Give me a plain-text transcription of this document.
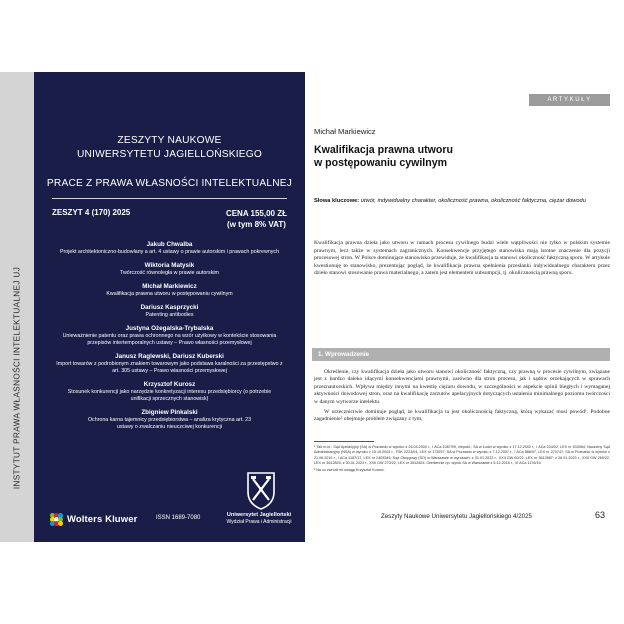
INSTYTUT PRAWA WŁASNOŚCI INTELEKTUALNEJ UJ
ZESZYTY NAUKOWE
UNIWERSYTETU JAGIELLOŃSKIEGO
PRACE Z PRAWA WŁASNOŚCI INTELEKTUALNEJ
ZESZYT 4 (170) 2025	CENA 155,00 ZŁ
(w tym 8% VAT)
Jakub Chwalba
Projekt architektoniczno-budowlany a art. 4 ustawy o prawie autorskim i prawach pokrewnych
Wiktoria Matysik
Twórczość równoległa w prawie autorskim
Michał Markiewicz
Kwalifikacja prawna utworu w postępowaniu cywilnym
Dariusz Kasprzycki
Patenting antibodies
Justyna Ożegalska-Trybalska
Unieważnienie patentu oraz prawa ochronnego na wzór użytkowy w kontekście stosowania przepisów intertemporalnych ustawy – Prawo własności przemysłowej
Janusz Raglewski, Dariusz Kuberski
Import towarów z podrobionym znakiem towarowym jako podstawa karalności za przestępstwo z art. 305 ustawy – Prawo własności przemysłowej
Krzysztof Kurosz
Stosunek konkurencji jako narzędzie konkretyzacji interesu przedsiębiorcy (o potrzebie unifikacji sprzecznych stanowisk)
Zbigniew Pinkalski
Ochrona karna tajemnicy przedsiębiorstwa – analiza krytyczna art. 23 ustawy o zwalczaniu nieuczciwej konkurencji
Wolters Kluwer	ISSN 1689-7080	Uniwersytet Jagielloński
Wydział Prawa i Administracji
ARTYKUŁY
Michał Markiewicz
Kwalifikacja prawna utworu
w postępowaniu cywilnym
Słowa kluczowe: utwór, indywidualny charakter, okoliczność prawna, okoliczność faktyczna, ciężar dowodu
Kwalifikacja prawna dzieła jako utworu w ramach procesu cywilnego budzi wiele wątpliwości nie tylko w polskim systemie prawnym, lecz także w systemach zagranicznych. Konsekwencje przyjętego stanowiska mają istotne znaczenie dla pozycji procesowej stron. W Polsce dominujące stanowisko przewiduje, że kwalifikacja ta stanowi okoliczność faktyczną sporu. W artykule kwestionuję to stanowisko, prezentując pogląd, że kwalifikacja prawna spełnienia przesłanki indywidualnego charakteru przez dzieło stanowi stosowanie prawa materialnego, a zatem jest elementem subsumpcji, tj. okolicznością prawną sporu.
1. Wprowadzenie

Określenie, czy kwalifikacja dzieła jako utworu stanowi okoliczność faktyczną, czy prawną w procesie cywilnym, związane jest z bardzo daleko idącymi konsekwencjami prawnymi, zarówno dla stron procesu, jak i sądów orzekających w sprawach przeznautorskich. Wpływa między innymi na kwestię ciężaru dowodu, w szczególności w aspekcie opinii biegłych i wymaganej aktywności dowodowej stron, oraz na kwalifikację zarzutów apelacyjnych dotyczących ustalenia minimalnego poziomu twórczości w danym wytworze intelektu.

W orzecznictwie dominuje pogląd, że kwalifikacja ta jest okolicznością faktyczną, którą wykazać musi powód¹. Podobne zagadnienie² obejmuje problem związany z tym,

¹ Tak m.in.: Sąd Apelacyjny (SA) w Poznaniu w wyroku z 26.04.2000 r., I ACa 1087/99, niepubl.; SA w Łodzi w wyroku z 17.12.2002 r., I ACa 234/02, LEX nr 533064; Naczelny Sąd Administracyjny (NSA) w wyroku z 15.10.2003 r., FSK 2223/04, LEX nr 173097; SA w Poznaniu w wyroku z 7.12.2007 r., I ACa 888/07, LEX nr 270747; SA w Poznaniu w wyroku z 21.06.2019 r., I ACa 1187/17, LEX nr 2405346; Sąd Okręgowy (SO) w Warszawie w wyrokach: z 31.01.2022 r., XXII GW 60/22, LEX nr 3613987; z 26.01.2023 r., XXII GW 269/22, LEX nr 3612825; z 30.01.2023 r., XXII GW 270/22, LEX nr 3612824. Odmiennie np. wyrok SA w Warszawie z 5.12.2016 r., VI ACa 1176/15.

² Na co zwrócił mi uwagę Krzysztof Kurosz.

Zeszyty Naukowe Uniwersytetu Jagiellońskiego 4/2025	63
